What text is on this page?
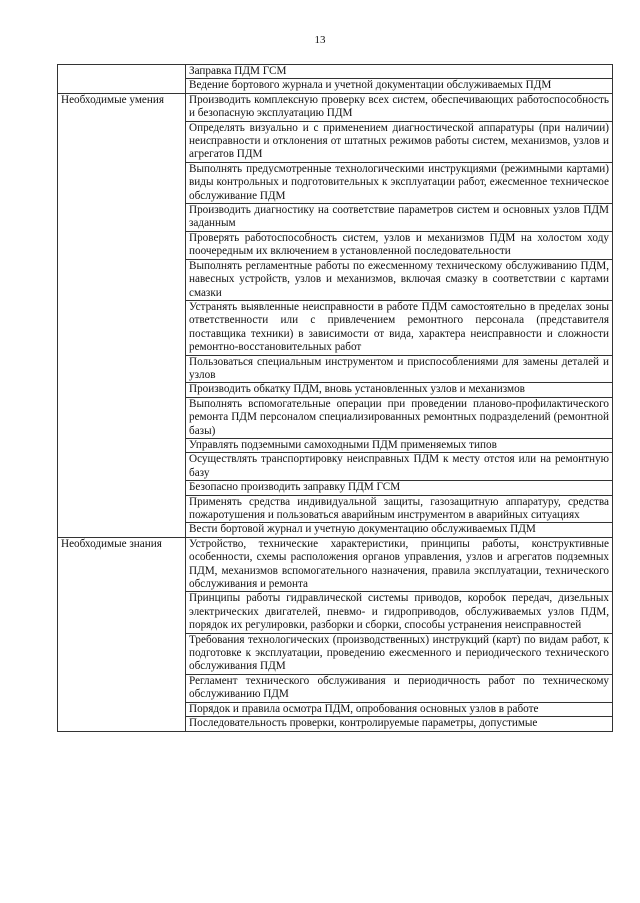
13
	Заправка ПДМ ГСМ
	Ведение бортового журнала и учетной документации обслуживаемых ПДМ

Необходимые умения	Производить комплексную проверку всех систем, обеспечивающих работоспособность и безопасную эксплуатацию ПДМ
	Определять визуально и с применением диагностической аппаратуры (при наличии) неисправности и отклонения от штатных режимов работы систем, механизмов, узлов и агрегатов ПДМ
	Выполнять предусмотренные технологическими инструкциями (режимными картами) виды контрольных и подготовительных к эксплуатации работ, ежесменное техническое обслуживание ПДМ
	Производить диагностику на соответствие параметров систем и основных узлов ПДМ заданным
	Проверять работоспособность систем, узлов и механизмов ПДМ на холостом ходу поочередным их включением в установленной последовательности
	Выполнять регламентные работы по ежесменному техническому обслуживанию ПДМ, навесных устройств, узлов и механизмов, включая смазку в соответствии с картами смазки
	Устранять выявленные неисправности в работе ПДМ самостоятельно в пределах зоны ответственности или с привлечением ремонтного персонала (представителя поставщика техники) в зависимости от вида, характера неисправности и сложности ремонтно-восстановительных работ
	Пользоваться специальным инструментом и приспособлениями для замены деталей и узлов
	Производить обкатку ПДМ, вновь установленных узлов и механизмов
	Выполнять вспомогательные операции при проведении планово-профилактического ремонта ПДМ персоналом специализированных ремонтных подразделений (ремонтной базы)
	Управлять подземными самоходными ПДМ применяемых типов
	Осуществлять транспортировку неисправных ПДМ к месту отстоя или на ремонтную базу
	Безопасно производить заправку ПДМ ГСМ
	Применять средства индивидуальной защиты, газозащитную аппаратуру, средства пожаротушения и пользоваться аварийным инструментом в аварийных ситуациях
	Вести бортовой журнал и учетную документацию обслуживаемых ПДМ

Необходимые знания	Устройство, технические характеристики, принципы работы, конструктивные особенности, схемы расположения органов управления, узлов и агрегатов подземных ПДМ, механизмов вспомогательного назначения, правила эксплуатации, технического обслуживания и ремонта
	Принципы работы гидравлической системы приводов, коробок передач, дизельных электрических двигателей, пневмо- и гидроприводов, обслуживаемых узлов ПДМ, порядок их регулировки, разборки и сборки, способы устранения неисправностей
	Требования технологических (производственных) инструкций (карт) по видам работ, к подготовке к эксплуатации, проведению ежесменного и периодического технического обслуживания ПДМ
	Регламент технического обслуживания и периодичность работ по техническому обслуживанию ПДМ
	Порядок и правила осмотра ПДМ, опробования основных узлов в работе
	Последовательность проверки, контролируемые параметры, допустимые
